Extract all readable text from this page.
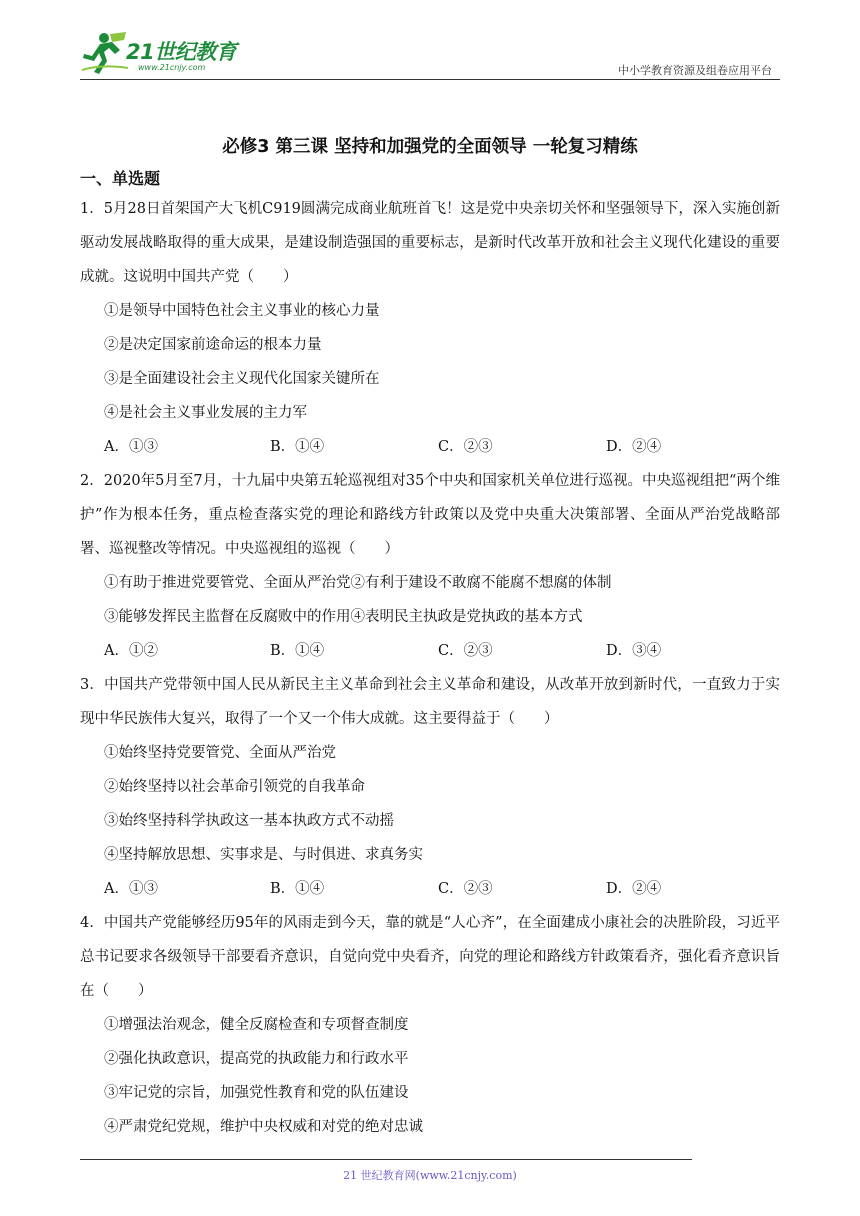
21世纪教育
www.21cnjy.com	中小学教育资源及组卷应用平台
必修3 第三课 坚持和加强党的全面领导 一轮复习精练
一、单选题

1．5月28日首架国产大飞机C919圆满完成商业航班首飞！这是党中央亲切关怀和坚强领导下，深入实施创新驱动发展战略取得的重大成果，是建设制造强国的重要标志，是新时代改革开放和社会主义现代化建设的重要成就。这说明中国共产党（　　）

①是领导中国特色社会主义事业的核心力量

②是决定国家前途命运的根本力量

③是全面建设社会主义现代化国家关键所在

④是社会主义事业发展的主力军

A．①③	B．①④	C．②③	D．②④

2．2020年5月至7月，十九届中央第五轮巡视组对35个中央和国家机关单位进行巡视。中央巡视组把“两个维护”作为根本任务，重点检查落实党的理论和路线方针政策以及党中央重大决策部署、全面从严治党战略部署、巡视整改等情况。中央巡视组的巡视（　　）

①有助于推进党要管党、全面从严治党②有利于建设不敢腐不能腐不想腐的体制

③能够发挥民主监督在反腐败中的作用④表明民主执政是党执政的基本方式

A．①②	B．①④	C．②③	D．③④

3．中国共产党带领中国人民从新民主主义革命到社会主义革命和建设，从改革开放到新时代，一直致力于实现中华民族伟大复兴，取得了一个又一个伟大成就。这主要得益于（　　）

①始终坚持党要管党、全面从严治党

②始终坚持以社会革命引领党的自我革命

③始终坚持科学执政这一基本执政方式不动摇

④坚持解放思想、实事求是、与时俱进、求真务实

A．①③	B．①④	C．②③	D．②④

4．中国共产党能够经历95年的风雨走到今天，靠的就是“人心齐”，在全面建成小康社会的决胜阶段，习近平总书记要求各级领导干部要看齐意识，自觉向党中央看齐，向党的理论和路线方针政策看齐，强化看齐意识旨在（　　）

①增强法治观念，健全反腐检查和专项督查制度

②强化执政意识，提高党的执政能力和行政水平

③牢记党的宗旨，加强党性教育和党的队伍建设

④严肃党纪党规，维护中央权威和对党的绝对忠诚

21 世纪教育网(www.21cnjy.com)
